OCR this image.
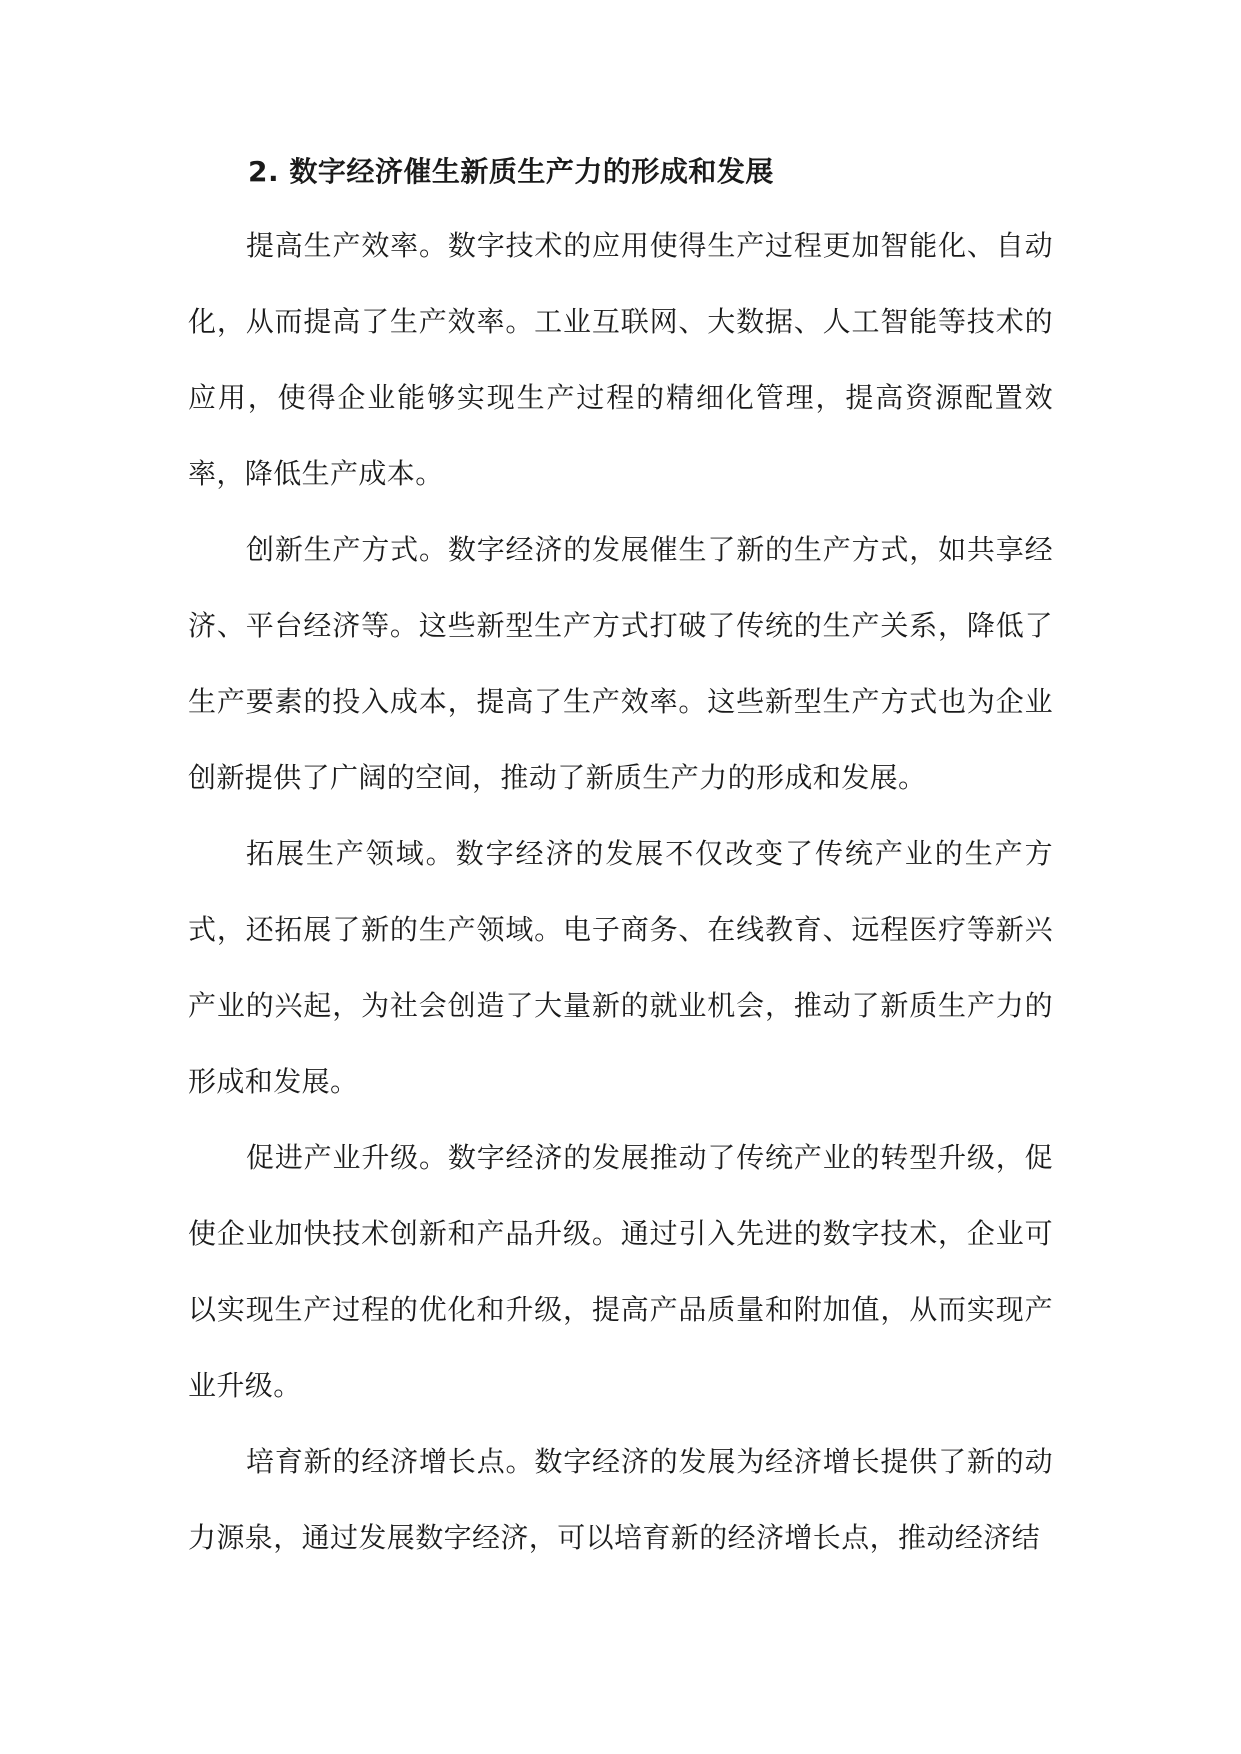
2. 数字经济催生新质生产力的形成和发展

提高生产效率。数字技术的应用使得生产过程更加智能化、自动化，从而提高了生产效率。工业互联网、大数据、人工智能等技术的应用，使得企业能够实现生产过程的精细化管理，提高资源配置效率，降低生产成本。

创新生产方式。数字经济的发展催生了新的生产方式，如共享经济、平台经济等。这些新型生产方式打破了传统的生产关系，降低了生产要素的投入成本，提高了生产效率。这些新型生产方式也为企业创新提供了广阔的空间，推动了新质生产力的形成和发展。

拓展生产领域。数字经济的发展不仅改变了传统产业的生产方式，还拓展了新的生产领域。电子商务、在线教育、远程医疗等新兴产业的兴起，为社会创造了大量新的就业机会，推动了新质生产力的形成和发展。

促进产业升级。数字经济的发展推动了传统产业的转型升级，促使企业加快技术创新和产品升级。通过引入先进的数字技术，企业可以实现生产过程的优化和升级，提高产品质量和附加值，从而实现产业升级。

培育新的经济增长点。数字经济的发展为经济增长提供了新的动力源泉，通过发展数字经济，可以培育新的经济增长点，推动经济结
